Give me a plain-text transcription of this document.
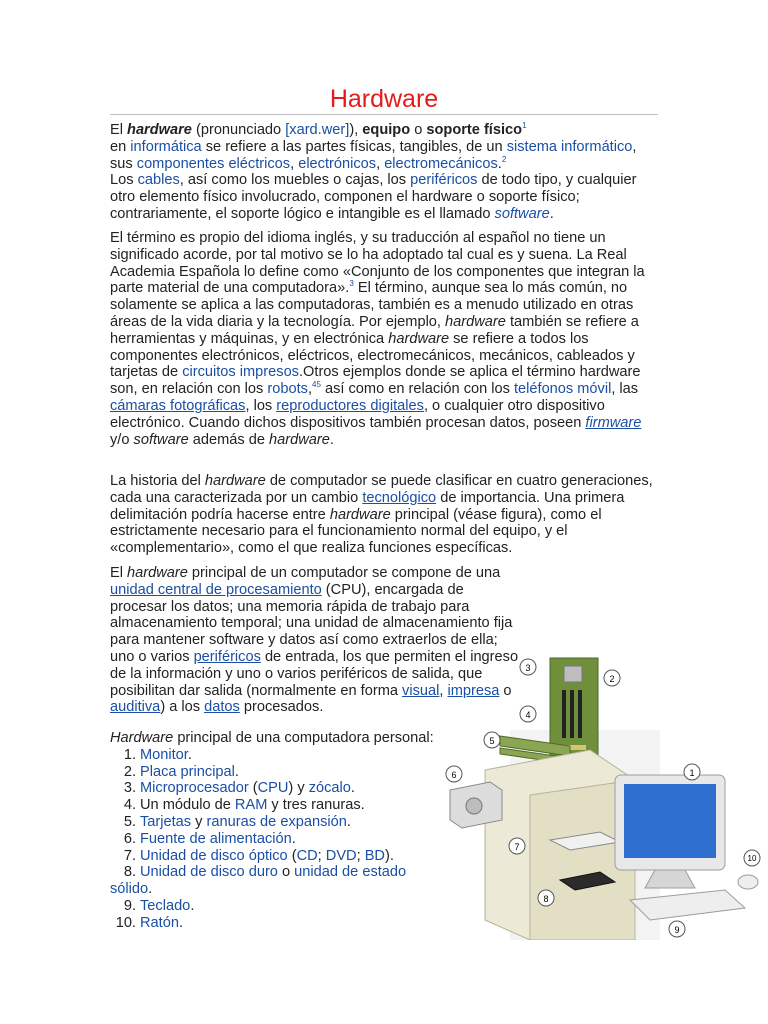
Hardware

El hardware (pronunciado [xard.wer]), equipo o soporte físico$^1$
en informática se refiere a las partes físicas, tangibles, de un sistema informático, sus componentes eléctricos, electrónicos, electromecánicos.$^2$
Los cables, así como los muebles o cajas, los periféricos de todo tipo, y cualquier otro elemento físico involucrado, componen el hardware o soporte físico; contrariamente, el soporte lógico e intangible es el llamado software.

El término es propio del idioma inglés, y su traducción al español no tiene un significado acorde, por tal motivo se lo ha adoptado tal cual es y suena. La Real Academia Española lo define como «Conjunto de los componentes que integran la parte material de una computadora».$^3$ El término, aunque sea lo más común, no solamente se aplica a las computadoras, también es a menudo utilizado en otras áreas de la vida diaria y la tecnología. Por ejemplo, hardware también se refiere a herramientas y máquinas, y en electrónica hardware se refiere a todos los componentes electrónicos, eléctricos, electromecánicos, mecánicos, cableados y tarjetas de circuitos impresos.Otros ejemplos donde se aplica el término hardware son, en relación con los robots,$^{45}$ así como en relación con los teléfonos móvil, las cámaras fotográficas, los reproductores digitales, o cualquier otro dispositivo electrónico. Cuando dichos dispositivos también procesan datos, poseen firmware y/o software además de hardware.

La historia del hardware de computador se puede clasificar en cuatro generaciones, cada una caracterizada por un cambio tecnológico de importancia. Una primera delimitación podría hacerse entre hardware principal (véase figura), como el estrictamente necesario para el funcionamiento normal del equipo, y el «complementario», como el que realiza funciones específicas.

El hardware principal de un computador se compone de una unidad central de procesamiento (CPU), encargada de procesar los datos; una memoria rápida de trabajo para almacenamiento temporal; una unidad de almacenamiento fija para mantener software y datos así como extraerlos de ella; uno o varios periféricos de entrada, los que permiten el ingreso de la información y uno o varios periféricos de salida, que posibilitan dar salida (normalmente en forma visual, impresa o auditiva) a los datos procesados.

Hardware principal de una computadora personal:

1. Monitor.
2. Placa principal.
3. Microprocesador (CPU) y zócalo.
4. Un módulo de RAM y tres ranuras.
5. Tarjetas y ranuras de expansión.
6. Fuente de alimentación.
7. Unidad de disco óptico (CD; DVD; BD).
8. Unidad de disco duro o unidad de estado sólido.
9. Teclado.
10. Ratón.
1
2
3
4
5
6
7
8
9
10
